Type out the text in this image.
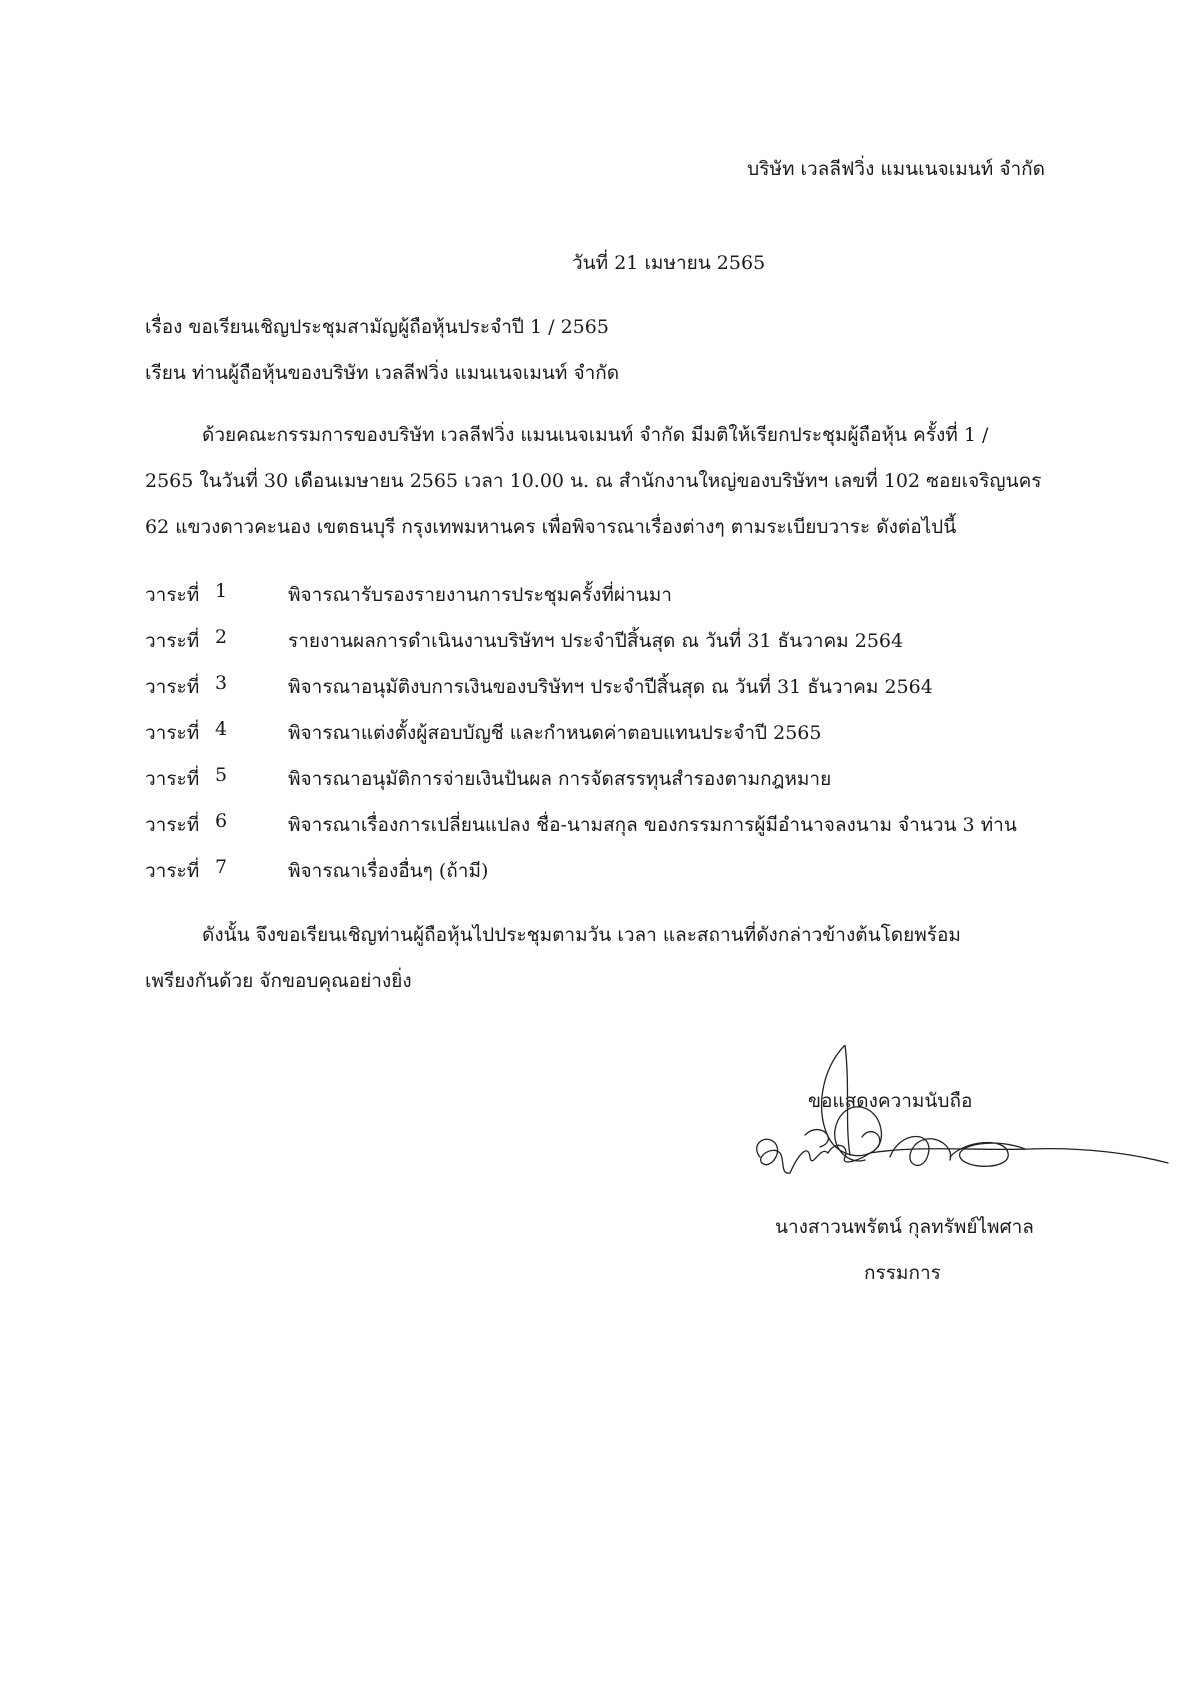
บริษัท เวลลีฟวิ่ง แมนเนจเมนท์ จำกัด
วันที่ 21 เมษายน 2565
เรื่อง ขอเรียนเชิญประชุมสามัญผู้ถือหุ้นประจำปี 1 / 2565
เรียน ท่านผู้ถือหุ้นของบริษัท เวลลีฟวิ่ง แมนเนจเมนท์ จำกัด
ด้วยคณะกรรมการของบริษัท เวลลีฟวิ่ง แมนเนจเมนท์ จำกัด มีมติให้เรียกประชุมผู้ถือหุ้น ครั้งที่ 1 /
2565 ในวันที่ 30 เดือนเมษายน 2565 เวลา 10.00 น. ณ สำนักงานใหญ่ของบริษัทฯ เลขที่ 102 ซอยเจริญนคร
62 แขวงดาวคะนอง เขตธนบุรี กรุงเทพมหานคร เพื่อพิจารณาเรื่องต่างๆ ตามระเบียบวาระ ดังต่อไปนี้
วาระที่ 1	พิจารณารับรองรายงานการประชุมครั้งที่ผ่านมา
วาระที่ 2	รายงานผลการดำเนินงานบริษัทฯ ประจำปีสิ้นสุด ณ วันที่ 31 ธันวาคม 2564
วาระที่ 3	พิจารณาอนุมัติงบการเงินของบริษัทฯ ประจำปีสิ้นสุด ณ วันที่ 31 ธันวาคม 2564
วาระที่ 4	พิจารณาแต่งตั้งผู้สอบบัญชี และกำหนดค่าตอบแทนประจำปี 2565
วาระที่ 5	พิจารณาอนุมัติการจ่ายเงินปันผล การจัดสรรทุนสำรองตามกฎหมาย
วาระที่ 6	พิจารณาเรื่องการเปลี่ยนแปลง ชื่อ-นามสกุล ของกรรมการผู้มีอำนาจลงนาม จำนวน 3 ท่าน
วาระที่ 7	พิจารณาเรื่องอื่นๆ (ถ้ามี)
ดังนั้น จึงขอเรียนเชิญท่านผู้ถือหุ้นไปประชุมตามวัน เวลา และสถานที่ดังกล่าวข้างต้นโดยพร้อม
เพรียงกันด้วย จักขอบคุณอย่างยิ่ง
ขอแสดงความนับถือ
นางสาวนพรัตน์ กุลทรัพย์ไพศาล
กรรมการ
